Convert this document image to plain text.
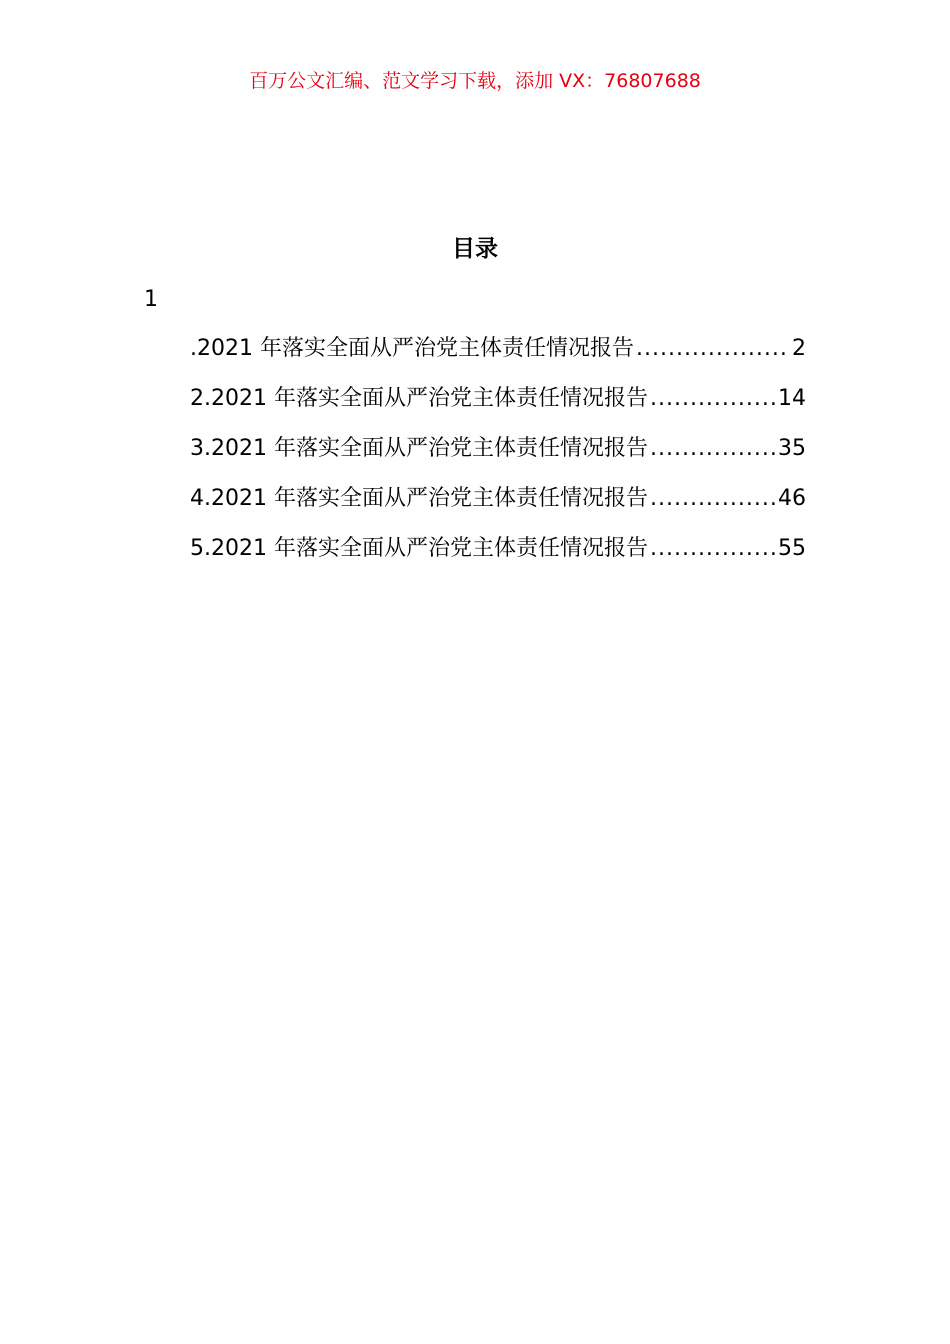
百万公文汇编、范文学习下载，添加 VX：76807688
目录
1
.2021 年落实全面从严治党主体责任情况报告 .....	2
2.2021 年落实全面从严治党主体责任情况报告 .....	14
3.2021 年落实全面从严治党主体责任情况报告 .....	35
4.2021 年落实全面从严治党主体责任情况报告 .....	46
5.2021 年落实全面从严治党主体责任情况报告 .....	55
